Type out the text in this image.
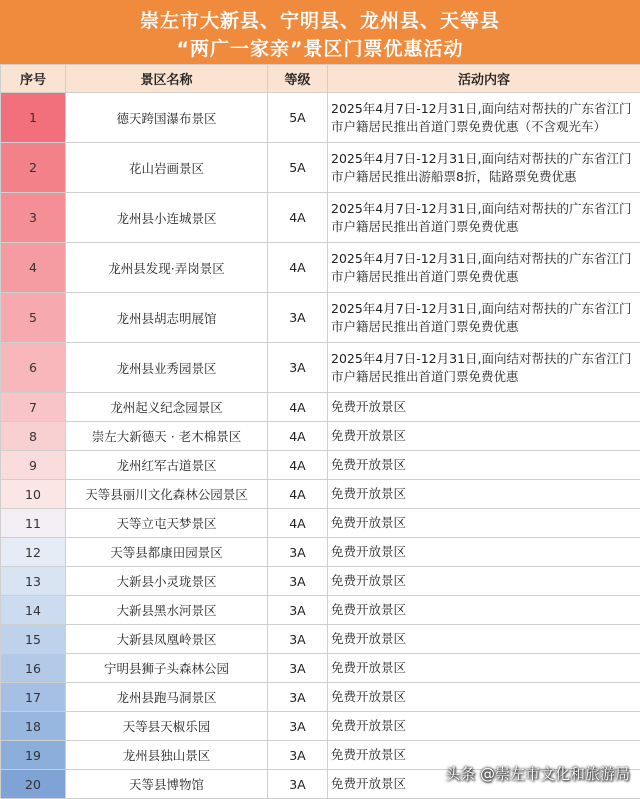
崇左市大新县、宁明县、龙州县、天等县
“两广一家亲”景区门票优惠活动
序号	景区名称	等级	活动内容
1	德天跨国瀑布景区	5A	2025年4月7日-12月31日,面向结对帮扶的广东省江门
市户籍居民推出首道门票免费优惠（不含观光车）

2	花山岩画景区	5A	2025年4月7日-12月31日,面向结对帮扶的广东省江门
市户籍居民推出游船票8折，陆路票免费优惠

3	龙州县小连城景区	4A	2025年4月7日-12月31日,面向结对帮扶的广东省江门
市户籍居民推出首道门票免费优惠

4	龙州县发现·弄岗景区	4A	2025年4月7日-12月31日,面向结对帮扶的广东省江门
市户籍居民推出首道门票免费优惠

5	龙州县胡志明展馆	3A	2025年4月7日-12月31日,面向结对帮扶的广东省江门
市户籍居民推出首道门票免费优惠

6	龙州县业秀园景区	3A	2025年4月7日-12月31日,面向结对帮扶的广东省江门
市户籍居民推出首道门票免费优惠

7	龙州起义纪念园景区	4A	免费开放景区

8	崇左大新德天 · 老木棉景区	4A	免费开放景区

9	龙州红军古道景区	4A	免费开放景区

10	天等县丽川文化森林公园景区	4A	免费开放景区

11	天等立屯天梦景区	4A	免费开放景区

12	天等县都康田园景区	3A	免费开放景区

13	大新县小灵珑景区	3A	免费开放景区

14	大新县黑水河景区	3A	免费开放景区

15	大新县凤凰岭景区	3A	免费开放景区

16	宁明县狮子头森林公园	3A	免费开放景区

17	龙州县跑马洞景区	3A	免费开放景区

18	天等县天椒乐园	3A	免费开放景区

19	龙州县独山景区	3A	免费开放景区

20	天等县博物馆	3A	免费开放景区
头条 @崇左市文化和旅游局
